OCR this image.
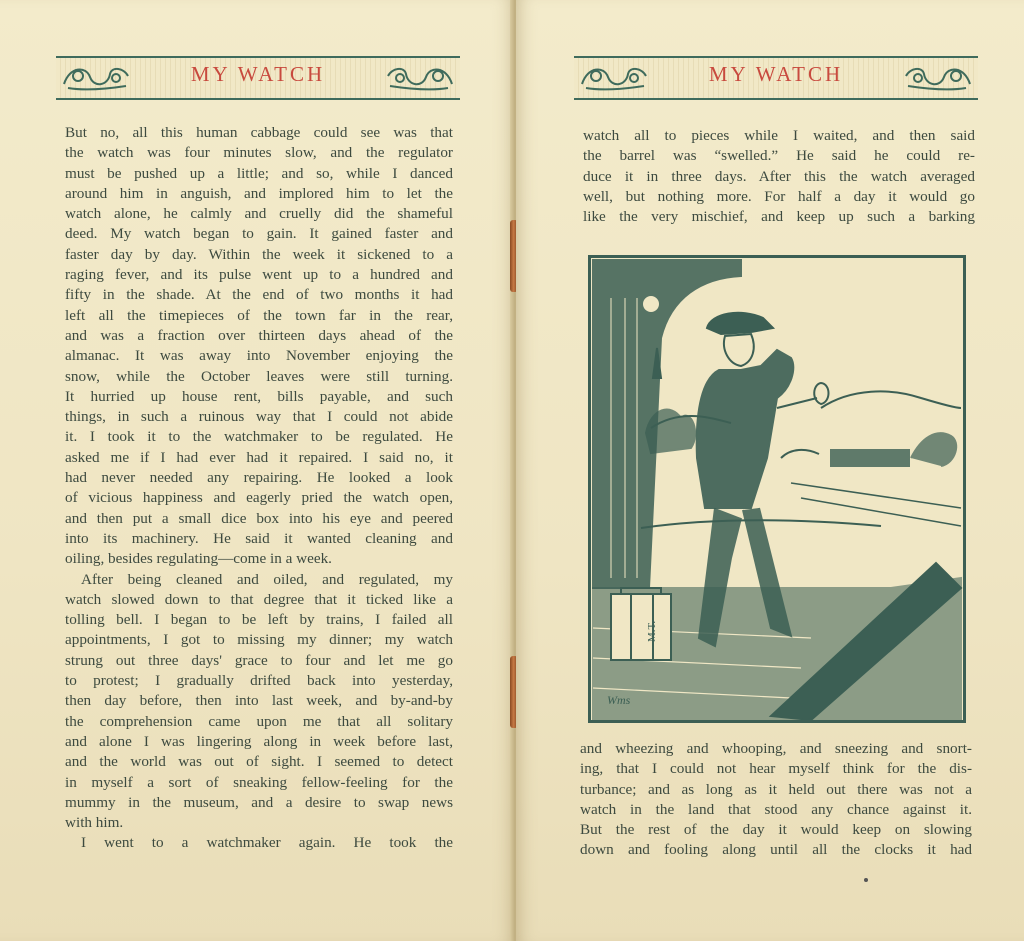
MY WATCH

But no, all this human cabbage could see was that

the watch was four minutes slow, and the regulator

must be pushed up a little; and so, while I danced

around him in anguish, and implored him to let the

watch alone, he calmly and cruelly did the shameful

deed. My watch began to gain. It gained faster and

faster day by day. Within the week it sickened to a

raging fever, and its pulse went up to a hundred and

fifty in the shade. At the end of two months it had

left all the timepieces of the town far in the rear,

and was a fraction over thirteen days ahead of the

almanac. It was away into November enjoying the

snow, while the October leaves were still turning.

It hurried up house rent, bills payable, and such

things, in such a ruinous way that I could not abide

it. I took it to the watchmaker to be regulated. He

asked me if I had ever had it repaired. I said no, it

had never needed any repairing. He looked a look

of vicious happiness and eagerly pried the watch open,

and then put a small dice box into his eye and peered

into its machinery. He said it wanted cleaning and

oiling, besides regulating—come in a week.

After being cleaned and oiled, and regulated, my

watch slowed down to that degree that it ticked like a

tolling bell. I began to be left by trains, I failed all

appointments, I got to missing my dinner; my watch

strung out three days' grace to four and let me go

to protest; I gradually drifted back into yesterday,

then day before, then into last week, and by-and-by

the comprehension came upon me that all solitary

and alone I was lingering along in week before last,

and the world was out of sight. I seemed to detect

in myself a sort of sneaking fellow-feeling for the

mummy in the museum, and a desire to swap news

with him.

I went to a watchmaker again. He took the

MY WATCH

watch all to pieces while I waited, and then said

the barrel was “swelled.” He said he could re-

duce it in three days. After this the watch averaged

well, but nothing more. For half a day it would go

like the very mischief, and keep up such a barking

Wms
M.T.

and wheezing and whooping, and sneezing and snort-

ing, that I could not hear myself think for the dis-

turbance; and as long as it held out there was not a

watch in the land that stood any chance against it.

But the rest of the day it would keep on slowing

down and fooling along until all the clocks it had
